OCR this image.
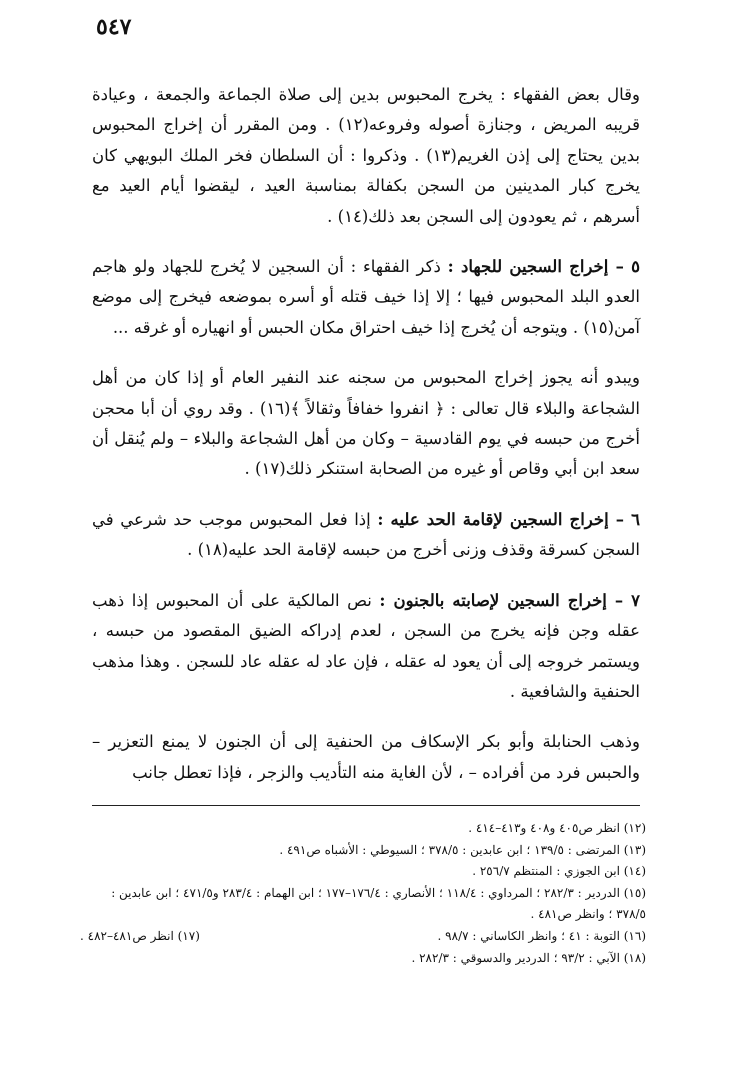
٥٤٧

وقال بعض الفقهاء : يخرج المحبوس بدين إلى صلاة الجماعة والجمعة ، وعيادة قريبه المريض ، وجنازة أصوله وفروعه(١٢) . ومن المقرر أن إخراج المحبوس بدين يحتاج إلى إذن الغريم(١٣) . وذكروا : أن السلطان فخر الملك البويهي كان يخرج كبار المدينين من السجن بكفالة بمناسبة العيد ، ليقضوا أيام العيد مع أسرهم ، ثم يعودون إلى السجن بعد ذلك(١٤) .

٥ – إخراج السجين للجهاد : ذكر الفقهاء : أن السجين لا يُخرج للجهاد ولو هاجم العدو البلد المحبوس فيها ؛ إلا إذا خيف قتله أو أسره بموضعه فيخرج إلى موضع آمن(١٥) . ويتوجه أن يُخرج إذا خيف احتراق مكان الحبس أو انهياره أو غرقه ...

ويبدو أنه يجوز إخراج المحبوس من سجنه عند النفير العام أو إذا كان من أهل الشجاعة والبلاء قال تعالى : ﴿ انفروا خفافاً وثقالاً ﴾(١٦) . وقد روي أن أبا محجن أخرج من حبسه في يوم القادسية – وكان من أهل الشجاعة والبلاء – ولم يُنقل أن سعد ابن أبي وقاص أو غيره من الصحابة استنكر ذلك(١٧) .

٦ – إخراج السجين لإقامة الحد عليه : إذا فعل المحبوس موجب حد شرعي في السجن كسرقة وقذف وزنى أخرج من حبسه لإقامة الحد عليه(١٨) .

٧ – إخراج السجين لإصابته بالجنون : نص المالكية على أن المحبوس إذا ذهب عقله وجن فإنه يخرج من السجن ، لعدم إدراكه الضيق المقصود من حبسه ، ويستمر خروجه إلى أن يعود له عقله ، فإن عاد له عقله عاد للسجن . وهذا مذهب الحنفية والشافعية .

وذهب الحنابلة وأبو بكر الإسكاف من الحنفية إلى أن الجنون لا يمنع التعزير – والحبس فرد من أفراده – ، لأن الغاية منه التأديب والزجر ، فإذا تعطل جانب

(١٢) انظر ص٤٠٥ و٤٠٨ و٤١٣–٤١٤ .

(١٣) المرتضى : ١٣٩/٥ ؛ ابن عابدين : ٣٧٨/٥ ؛ السيوطي : الأشباه ص٤٩١ .

(١٤) ابن الجوزي : المنتظم ٢٥٦/٧ .

(١٥) الدردير : ٢٨٢/٣ ؛ المرداوي : ١١٨/٤ ؛ الأنصاري : ١٧٦/٤–١٧٧ ؛ ابن الهمام : ٢٨٣/٤ و٤٧١/٥ ؛ ابن عابدين : ٣٧٨/٥ ؛ وانظر ص٤٨١ .

(١٦) التوبة : ٤١ ؛ وانظر الكاساني : ٩٨/٧ .
(١٧) انظر ص٤٨١–٤٨٢ .

(١٨) الآبي : ٩٣/٢ ؛ الدردير والدسوقي : ٢٨٢/٣ .
